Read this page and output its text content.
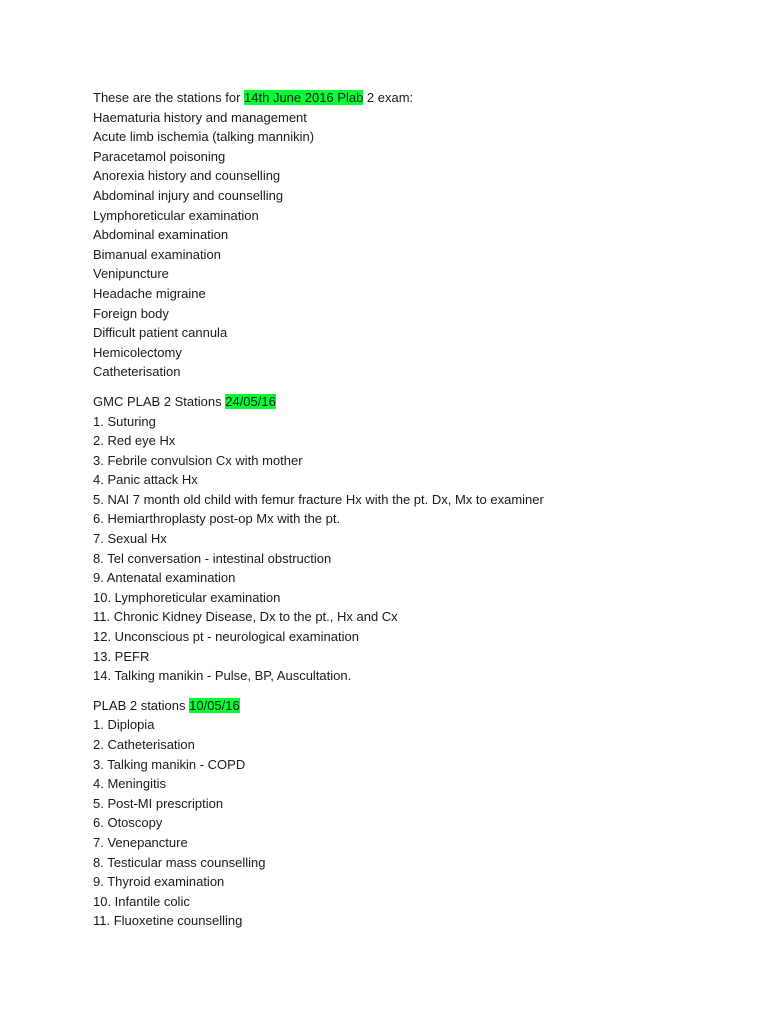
These are the stations for 14th June 2016 Plab 2 exam:
Haematuria history and management
Acute limb ischemia (talking mannikin)
Paracetamol poisoning
Anorexia history and counselling
Abdominal injury and counselling
Lymphoreticular examination
Abdominal examination
Bimanual examination
Venipuncture
Headache migraine
Foreign body
Difficult patient cannula
Hemicolectomy
Catheterisation
GMC PLAB 2 Stations 24/05/16
1. Suturing
2. Red eye Hx
3. Febrile convulsion Cx with mother
4. Panic attack Hx
5. NAI 7 month old child with femur fracture Hx with the pt. Dx, Mx to examiner
6. Hemiarthroplasty post-op Mx with the pt.
7. Sexual Hx
8. Tel conversation - intestinal obstruction
9. Antenatal examination
10. Lymphoreticular examination
11. Chronic Kidney Disease, Dx to the pt., Hx and Cx
12. Unconscious pt - neurological examination
13. PEFR
14. Talking manikin - Pulse, BP, Auscultation.
PLAB 2 stations 10/05/16
1. Diplopia
2. Catheterisation
3. Talking manikin - COPD
4. Meningitis
5. Post-MI prescription
6. Otoscopy
7. Venepancture
8. Testicular mass counselling
9. Thyroid examination
10. Infantile colic
11. Fluoxetine counselling
